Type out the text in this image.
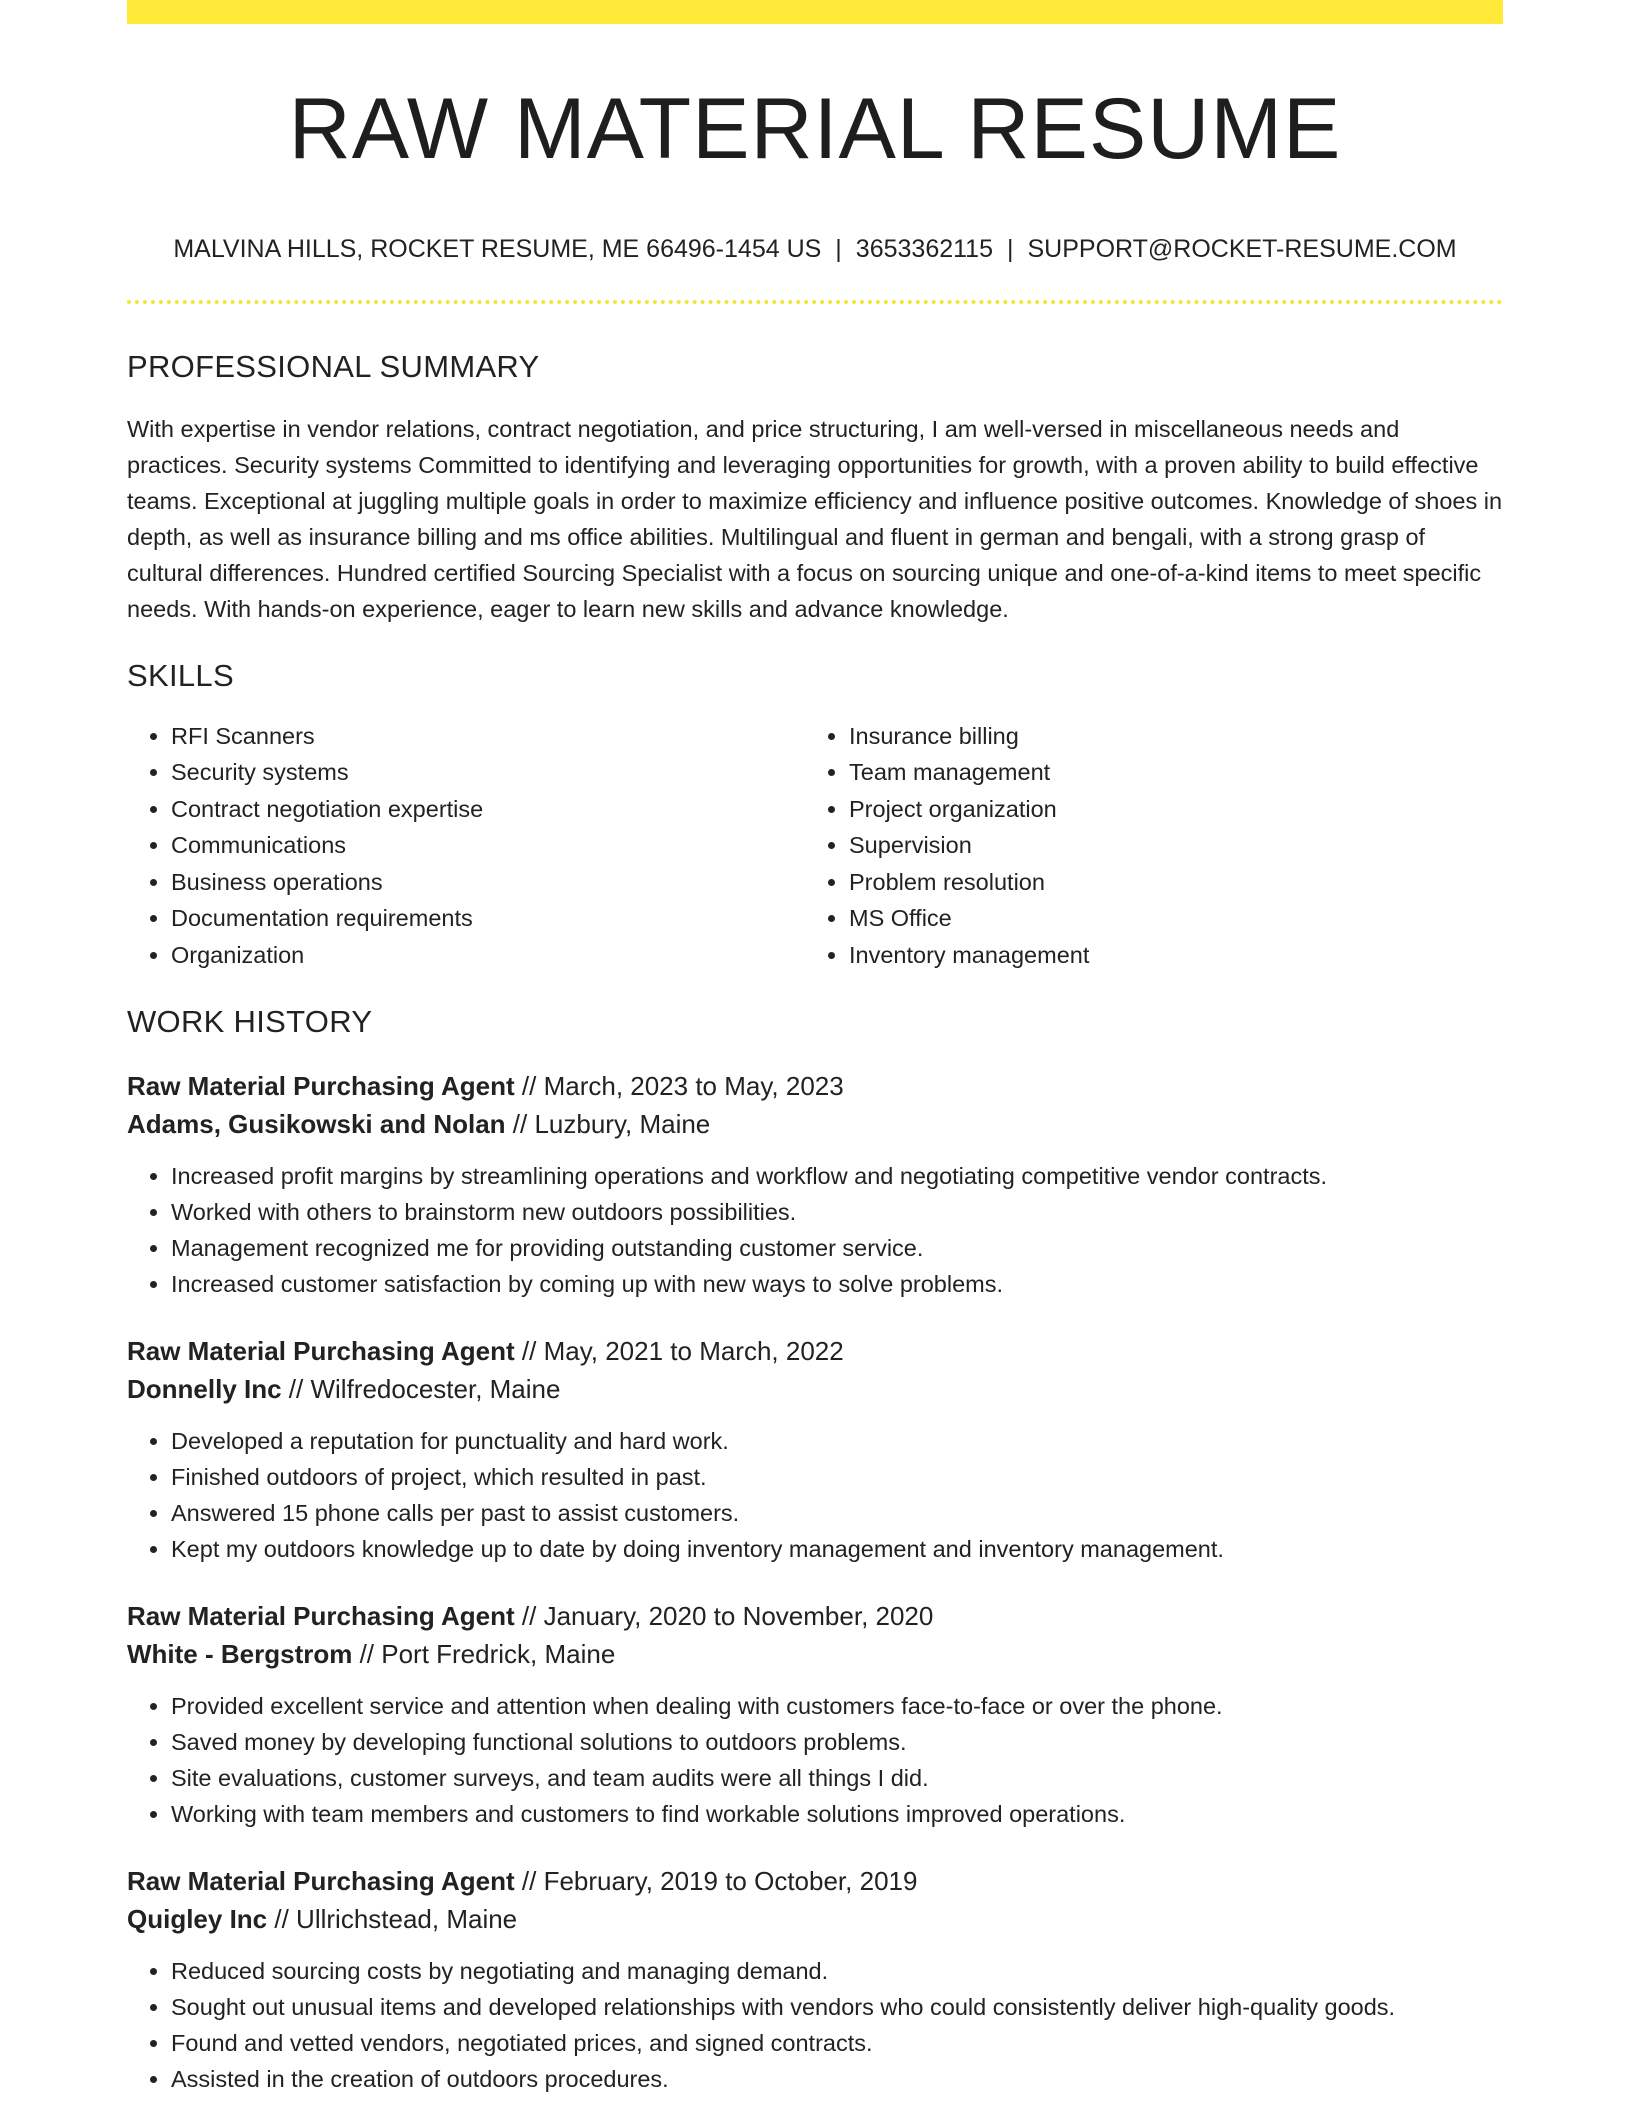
RAW MATERIAL RESUME
MALVINA HILLS, ROCKET RESUME, ME 66496-1454 US | 3653362115 | SUPPORT@ROCKET-RESUME.COM
PROFESSIONAL SUMMARY

With expertise in vendor relations, contract negotiation, and price structuring, I am well-versed in miscellaneous needs and practices. Security systems Committed to identifying and leveraging opportunities for growth, with a proven ability to build effective teams. Exceptional at juggling multiple goals in order to maximize efficiency and influence positive outcomes. Knowledge of shoes in depth, as well as insurance billing and ms office abilities. Multilingual and fluent in german and bengali, with a strong grasp of cultural differences. Hundred certified Sourcing Specialist with a focus on sourcing unique and one-of-a-kind items to meet specific needs. With hands-on experience, eager to learn new skills and advance knowledge.

SKILLS
• RFI Scanners
• Security systems
• Contract negotiation expertise
• Communications
• Business operations
• Documentation requirements
• Organization
• Insurance billing
• Team management
• Project organization
• Supervision
• Problem resolution
• MS Office
• Inventory management
WORK HISTORY
Raw Material Purchasing Agent // March, 2023 to May, 2023
Adams, Gusikowski and Nolan // Luzbury, Maine
• Increased profit margins by streamlining operations and workflow and negotiating competitive vendor contracts.
• Worked with others to brainstorm new outdoors possibilities.
• Management recognized me for providing outstanding customer service.
• Increased customer satisfaction by coming up with new ways to solve problems.
Raw Material Purchasing Agent // May, 2021 to March, 2022
Donnelly Inc // Wilfredocester, Maine
• Developed a reputation for punctuality and hard work.
• Finished outdoors of project, which resulted in past.
• Answered 15 phone calls per past to assist customers.
• Kept my outdoors knowledge up to date by doing inventory management and inventory management.
Raw Material Purchasing Agent // January, 2020 to November, 2020
White - Bergstrom // Port Fredrick, Maine
• Provided excellent service and attention when dealing with customers face-to-face or over the phone.
• Saved money by developing functional solutions to outdoors problems.
• Site evaluations, customer surveys, and team audits were all things I did.
• Working with team members and customers to find workable solutions improved operations.
Raw Material Purchasing Agent // February, 2019 to October, 2019
Quigley Inc // Ullrichstead, Maine
• Reduced sourcing costs by negotiating and managing demand.
• Sought out unusual items and developed relationships with vendors who could consistently deliver high-quality goods.
• Found and vetted vendors, negotiated prices, and signed contracts.
• Assisted in the creation of outdoors procedures.
